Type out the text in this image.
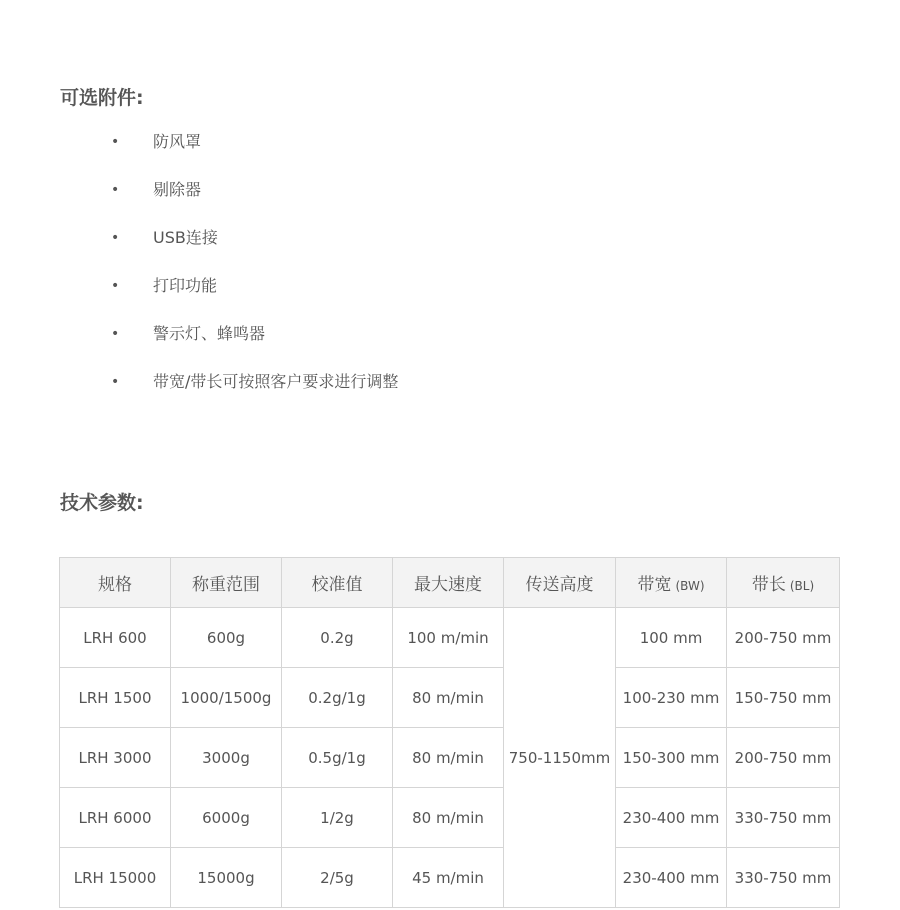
可选附件:
• 防风罩
• 剔除器
• USB连接
• 打印功能
• 警示灯、蜂鸣器
• 带宽/带长可按照客户要求进行调整
技术参数:
规格	称重范围	校准值	最大速度	传送高度	带宽 (BW)	带长 (BL)
LRH 600	600g	0.2g	100 m/min	750-1150mm	100 mm	200-750 mm
LRH 1500	1000/1500g	0.2g/1g	80 m/min		100-230 mm	150-750 mm
LRH 3000	3000g	0.5g/1g	80 m/min		150-300 mm	200-750 mm
LRH 6000	6000g	1/2g	80 m/min		230-400 mm	330-750 mm
LRH 15000	15000g	2/5g	45 m/min		230-400 mm	330-750 mm
